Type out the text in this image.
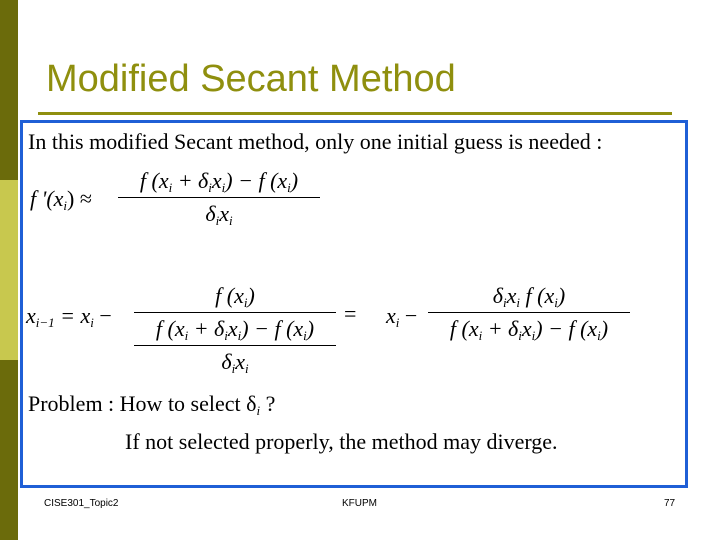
Modified Secant Method
In this modified Secant method, only one initial guess is needed :
f '$(x_i)$ ≈
f $(x_i + \delta_ix_i) - f$ $(x_i)$
$\delta_ix_i$
$x_{i-1} = x_i$ −
f $(x_i)$
f $(x_i + \delta_ix_i) - f$ $(x_i)$
$\delta_ix_i$
= $x_i$ −
$\delta_ix_i$ f $(x_i)$
f $(x_i + \delta_ix_i) - f$ $(x_i)$
Problem : How to select $\delta_i$ ?
If not selected properly, the method may diverge.
CISE301_Topic2	KFUPM	77
